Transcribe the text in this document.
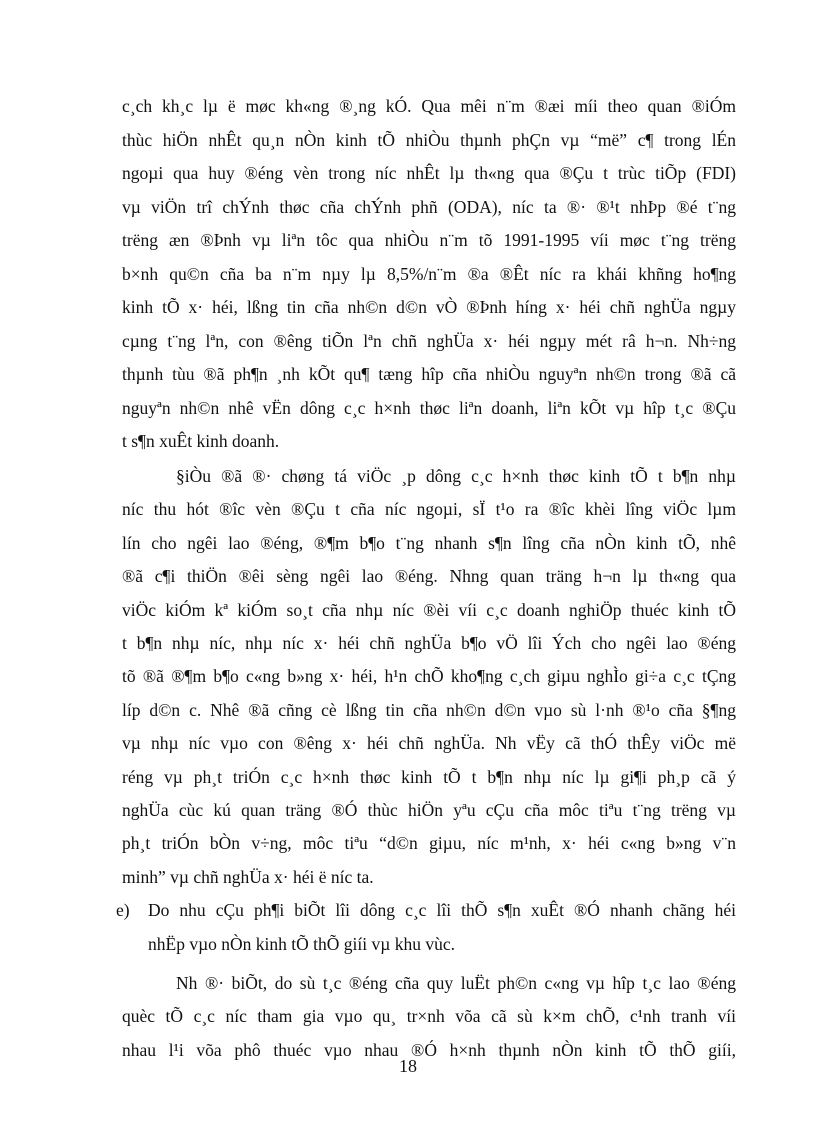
c¸ch kh¸c lµ ë møc kh«ng ®¸ng kÓ. Qua mêi n¨m ®æi míi theo quan ®iÓm
thùc hiÖn nhÊt qu¸n nÒn kinh tÕ nhiÒu thµnh phÇn vµ “më” c¶ trong lÉn
ngoµi qua huy ®éng vèn trong níc nhÊt lµ th«ng qua ®Çu t trùc tiÕp (FDI)
vµ viÖn trî chÝnh thøc cña chÝnh phñ (ODA), níc ta ®· ®¹t nhÞp ®é t¨ng
trëng æn ®Þnh vµ liªn tôc qua nhiÒu n¨m tõ 1991-1995 víi møc t¨ng trëng
b×nh qu©n cña ba n¨m nµy lµ 8,5%/n¨m ®a ®Êt níc ra khái khñng ho¶ng
kinh tÕ x· héi, lßng tin cña nh©n d©n vÒ ®Þnh híng x· héi chñ nghÜa ngµy
cµng t¨ng lªn, con ®êng tiÕn lªn chñ nghÜa x· héi ngµy mét râ h¬n. Nh÷ng
thµnh tùu ®ã ph¶n ¸nh kÕt qu¶ tæng hîp cña nhiÒu nguyªn nh©n trong ®ã cã
nguyªn nh©n nhê vËn dông c¸c h×nh thøc liªn doanh, liªn kÕt vµ hîp t¸c ®Çu
t s¶n xuÊt kinh doanh.
§iÒu ®ã ®· chøng tá viÖc ¸p dông c¸c h×nh thøc kinh tÕ t b¶n nhµ
níc thu hót ®îc vèn ®Çu t cña níc ngoµi, sÏ t¹o ra ®îc khèi lîng viÖc lµm
lín cho ngêi lao ®éng, ®¶m b¶o t¨ng nhanh s¶n lîng cña nÒn kinh tÕ, nhê
®ã c¶i thiÖn ®êi sèng ngêi lao ®éng. Nhng quan träng h¬n lµ th«ng qua
viÖc kiÓm kª kiÓm so¸t cña nhµ níc ®èi víi c¸c doanh nghiÖp thuéc kinh tÕ
t b¶n nhµ níc, nhµ níc x· héi chñ nghÜa b¶o vÖ lîi Ých cho ngêi lao ®éng
tõ ®ã ®¶m b¶o c«ng b»ng x· héi, h¹n chÕ kho¶ng c¸ch giµu nghÌo gi÷a c¸c tÇng
líp d©n c. Nhê ®ã cñng cè lßng tin cña nh©n d©n vµo sù l·nh ®¹o cña §¶ng
vµ nhµ níc vµo con ®êng x· héi chñ nghÜa. Nh vËy cã thÓ thÊy viÖc më
réng vµ ph¸t triÓn c¸c h×nh thøc kinh tÕ t b¶n nhµ níc lµ gi¶i ph¸p cã ý
nghÜa cùc kú quan träng ®Ó thùc hiÖn yªu cÇu cña môc tiªu t¨ng trëng vµ
ph¸t triÓn bÒn v÷ng, môc tiªu “d©n giµu, níc m¹nh, x· héi c«ng b»ng v¨n
minh” vµ chñ nghÜa x· héi ë níc ta.
e)	Do nhu cÇu ph¶i biÕt lîi dông c¸c lîi thÕ s¶n xuÊt ®Ó nhanh chãng héi
nhËp vµo nÒn kinh tÕ thÕ giíi vµ khu vùc.
Nh ®· biÕt, do sù t¸c ®éng cña quy luËt ph©n c«ng vµ hîp t¸c lao ®éng
quèc tÕ c¸c níc tham gia vµo qu¸ tr×nh võa cã sù k×m chÕ, c¹nh tranh víi
nhau l¹i võa phô thuéc vµo nhau ®Ó h×nh thµnh nÒn kinh tÕ thÕ giíi,
18
